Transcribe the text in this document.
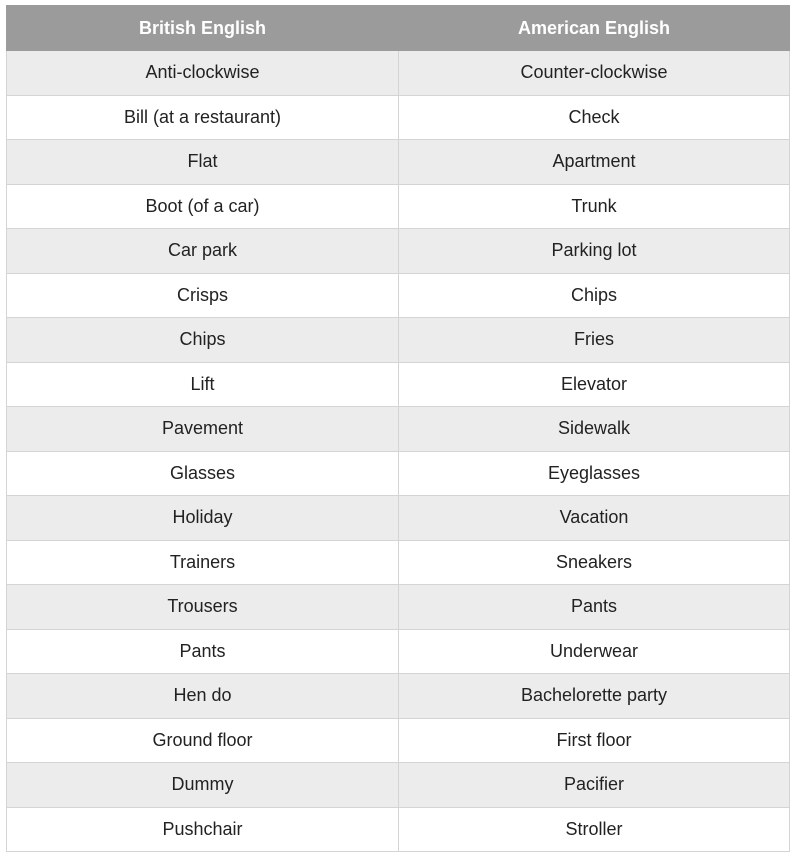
British English	American English
Anti-clockwise	Counter-clockwise
Bill (at a restaurant)	Check
Flat	Apartment
Boot (of a car)	Trunk
Car park	Parking lot
Crisps	Chips
Chips	Fries
Lift	Elevator
Pavement	Sidewalk
Glasses	Eyeglasses
Holiday	Vacation
Trainers	Sneakers
Trousers	Pants
Pants	Underwear
Hen do	Bachelorette party
Ground floor	First floor
Dummy	Pacifier
Pushchair	Stroller
